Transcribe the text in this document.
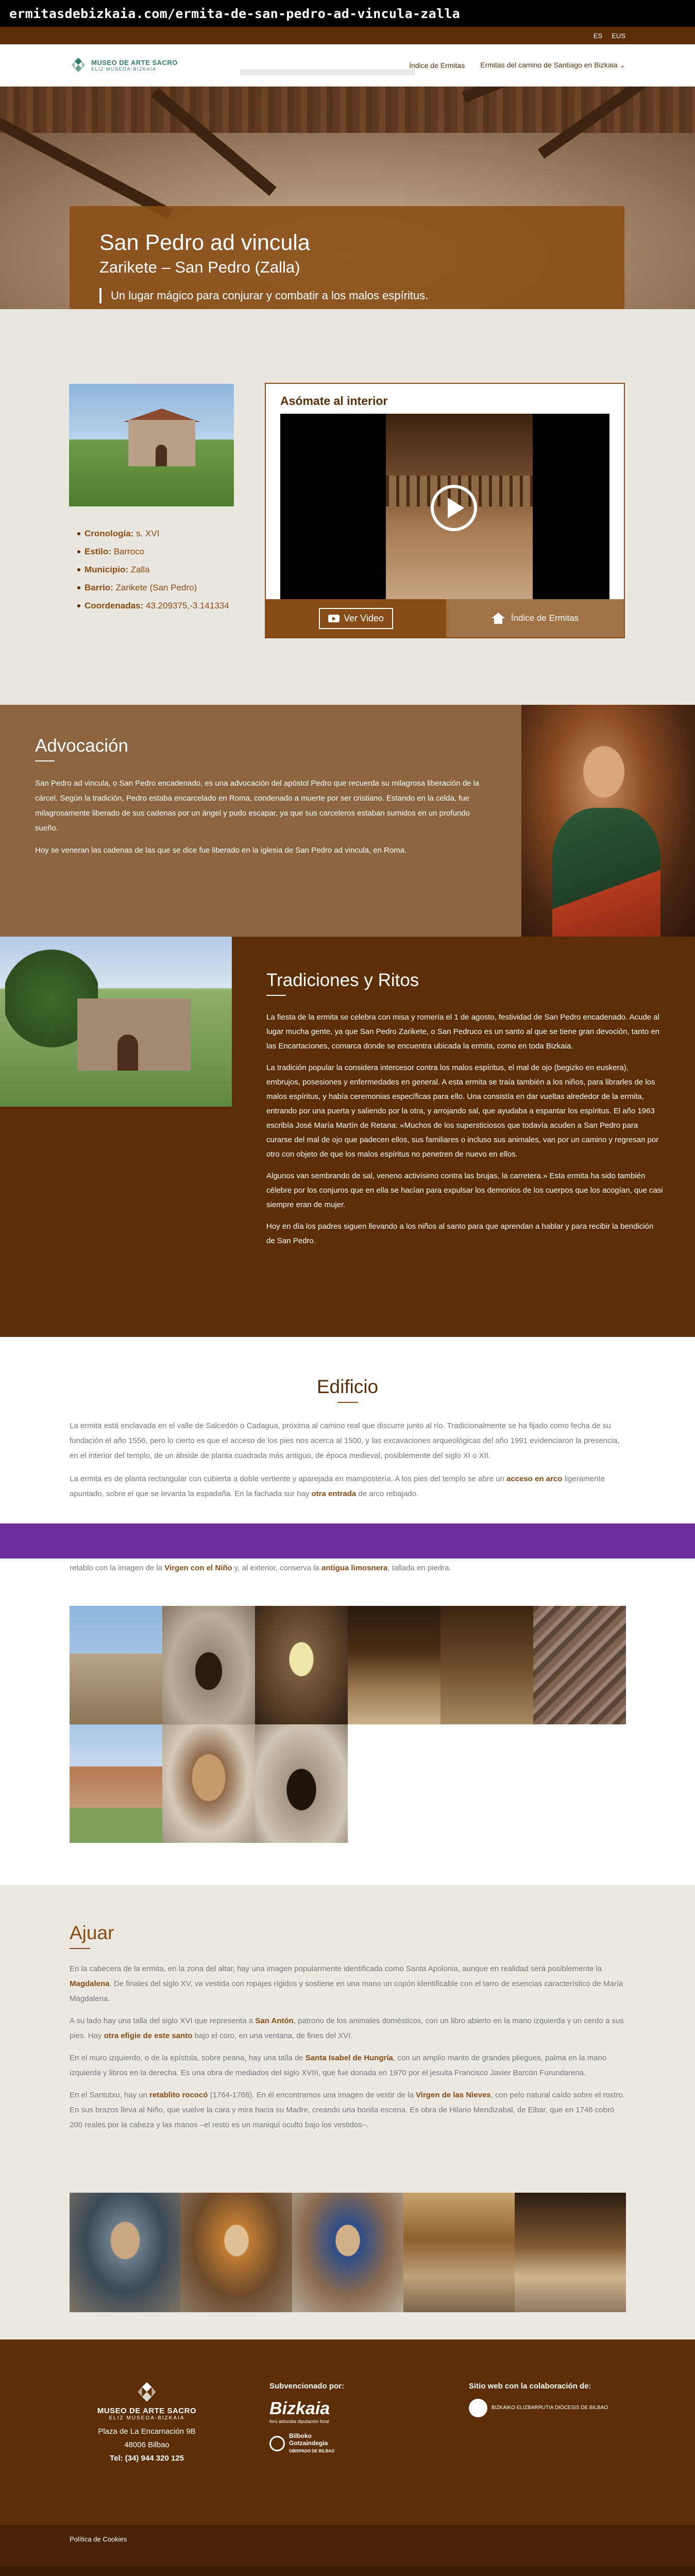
ermitasdebizkaia.com/ermita-de-san-pedro-ad-vincula-zalla
ES EUS
MUSEO DE ARTE SACRO
ELIZ MUSEOA-BIZKAIA	Índice de Ermitas Ermitas del camino de Santiago en Bizkaia ⌄
San Pedro ad vincula
Zarikete – San Pedro (Zalla)
Un lugar mágico para conjurar y combatir a los malos espíritus.
Cronología: s. XVI
Estilo: Barroco
Municipio: Zalla
Barrio: Zarikete (San Pedro)
Coordenadas: 43.209375,-3.141334
Asómate al interior
Ver Video	Índice de Ermitas
Advocación

San Pedro ad vincula, o San Pedro encadenado, es una advocación del apóstol Pedro que recuerda su milagrosa liberación de la cárcel. Según la tradición, Pedro estaba encarcelado en Roma, condenado a muerte por ser cristiano. Estando en la celda, fue milagrosamente liberado de sus cadenas por un ángel y pudo escapar, ya que sus carceleros estaban sumidos en un profundo sueño.

Hoy se veneran las cadenas de las que se dice fue liberado en la iglesia de San Pedro ad vincula, en Roma.

Tradiciones y Ritos

La fiesta de la ermita se celebra con misa y romería el 1 de agosto, festividad de San Pedro encadenado. Acude al lugar mucha gente, ya que San Pedro Zarikete, o San Pedruco es un santo al que se tiene gran devoción, tanto en las Encartaciones, comarca donde se encuentra ubicada la ermita, como en toda Bizkaia.

La tradición popular la considera intercesor contra los malos espíritus, el mal de ojo (begizko en euskera), embrujos, posesiones y enfermedades en general. A esta ermita se traía también a los niños, para librarles de los malos espíritus, y había ceremonias específicas para ello. Una consistía en dar vueltas alrededor de la ermita, entrando por una puerta y saliendo por la otra, y arrojando sal, que ayudaba a espantar los espíritus. El año 1963 escribía José María Martín de Retana: «Muchos de los supersticiosos que todavía acuden a San Pedro para curarse del mal de ojo que padecen ellos, sus familiares o incluso sus animales, van por un camino y regresan por otro con objeto de que los malos espíritus no penetren de nuevo en ellos.

Algunos van sembrando de sal, veneno activísimo contra las brujas, la carretera.» Esta ermita ha sido también célebre por los conjuros que en ella se hacían para expulsar los demonios de los cuerpos que los acogían, que casi siempre eran de mujer.

Hoy en día los padres siguen llevando a los niños al santo para que aprendan a hablar y para recibir la bendición de San Pedro.

Edificio

La ermita está enclavada en el valle de Salcedón o Cadagua, próxima al camino real que discurre junto al río. Tradicionalmente se ha fijado como fecha de su fundación el año 1556, pero lo cierto es que el acceso de los pies nos acerca al 1500, y las excavaciones arqueológicas del año 1991 evidenciaron la presencia, en el interior del templo, de un ábside de planta cuadrada más antiguo, de época medieval, posiblemente del siglo XI o XII.

La ermita es de planta rectangular con cubierta a doble vertiente y aparejada en mampostería. A los pies del templo se abre un acceso en arco ligeramente apuntado, sobre el que se levanta la espadaña. En la fachada sur hay otra entrada de arco rebajado.

retablo con la imagen de la Virgen con el Niño y, al exterior, conserva la antigua limosnera, tallada en piedra.

Ajuar

En la cabecera de la ermita, en la zona del altar, hay una imagen popularmente identificada como Santa Apolonia, aunque en realidad será posiblemente la Magdalena. De finales del siglo XV, va vestida con ropajes rígidos y sostiene en una mano un copón identificable con el tarro de esencias característico de María Magdalena.

A su lado hay una talla del siglo XVI que representa a San Antón, patrono de los animales domésticos, con un libro abierto en la mano izquierda y un cerdo a sus pies. Hay otra efigie de este santo bajo el coro, en una ventana, de fines del XVI.

En el muro izquierdo, o de la epístola, sobre peana, hay una talla de Santa Isabel de Hungría, con un amplio manto de grandes pliegues, palma en la mano izquierda y libros en la derecha. Es una obra de mediados del siglo XVIII, que fue donada en 1970 por el jesuita Francisco Javier Barcón Furundarena.

En el Santutxu, hay un retablito rococó (1764-1768). En él encontramos una imagen de vestir de la Virgen de las Nieves, con pelo natural caído sobre el rostro. En sus brazos lleva al Niño, que vuelve la cara y mira hacia su Madre, creando una bonita escena. Es obra de Hilario Mendizabal, de Eibar, que en 1746 cobró 200 reales por la cabeza y las manos –el resto es un maniquí oculto bajo los vestidos–.

MUSEO DE ARTE SACRO
ELIZ MUSEOA-BIZKAIA
Plaza de La Encarnación 9B
48006 Bilbao
Tel: (34) 944 320 125
Subvencionado por:
Bizkaia
foru aldundia diputación foral
Bilboko
Gotzaindegia
OBISPADO DE BILBAO
Sitio web con la colaboración de:
BIZKAIKO ELIZBARRUTIA DIÓCESIS DE BILBAO
Política de Cookies
